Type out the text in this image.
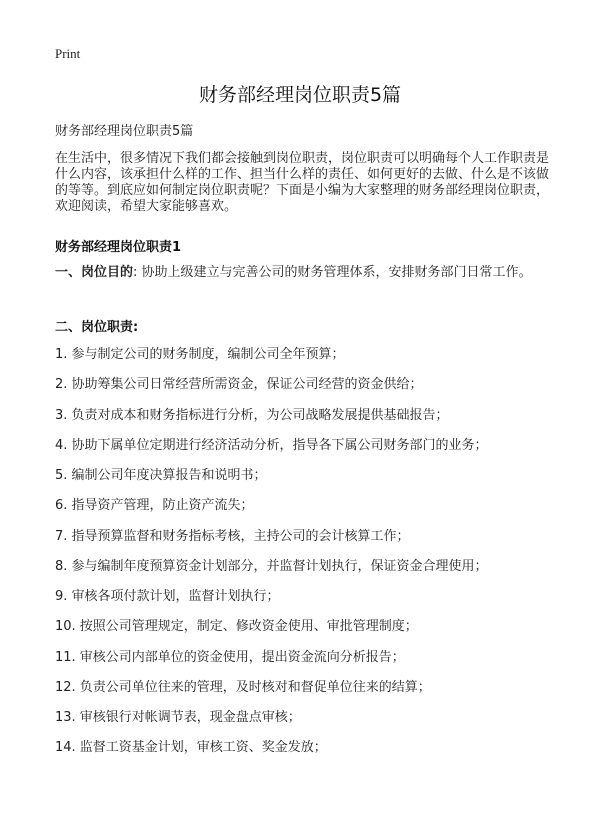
Print
财务部经理岗位职责5篇
财务部经理岗位职责5篇

在生活中，很多情况下我们都会接触到岗位职责，岗位职责可以明确每个人工作职责是什么内容，该承担什么样的工作、担当什么样的责任、如何更好的去做、什么是不该做的等等。到底应如何制定岗位职责呢？下面是小编为大家整理的财务部经理岗位职责，欢迎阅读，希望大家能够喜欢。

财务部经理岗位职责1

一、岗位目的: 协助上级建立与完善公司的财务管理体系，安排财务部门日常工作。

二、岗位职责:
1. 参与制定公司的财务制度，编制公司全年预算；
2. 协助筹集公司日常经营所需资金，保证公司经营的资金供给；
3. 负责对成本和财务指标进行分析，为公司战略发展提供基础报告；
4. 协助下属单位定期进行经济活动分析，指导各下属公司财务部门的业务；
5. 编制公司年度决算报告和说明书；
6. 指导资产管理，防止资产流失；
7. 指导预算监督和财务指标考核，主持公司的会计核算工作；
8. 参与编制年度预算资金计划部分，并监督计划执行，保证资金合理使用；
9. 审核各项付款计划，监督计划执行；
10. 按照公司管理规定，制定、修改资金使用、审批管理制度；
11. 审核公司内部单位的资金使用，提出资金流向分析报告；
12. 负责公司单位往来的管理，及时核对和督促单位往来的结算；
13. 审核银行对帐调节表，现金盘点审核；
14. 监督工资基金计划，审核工资、奖金发放；
